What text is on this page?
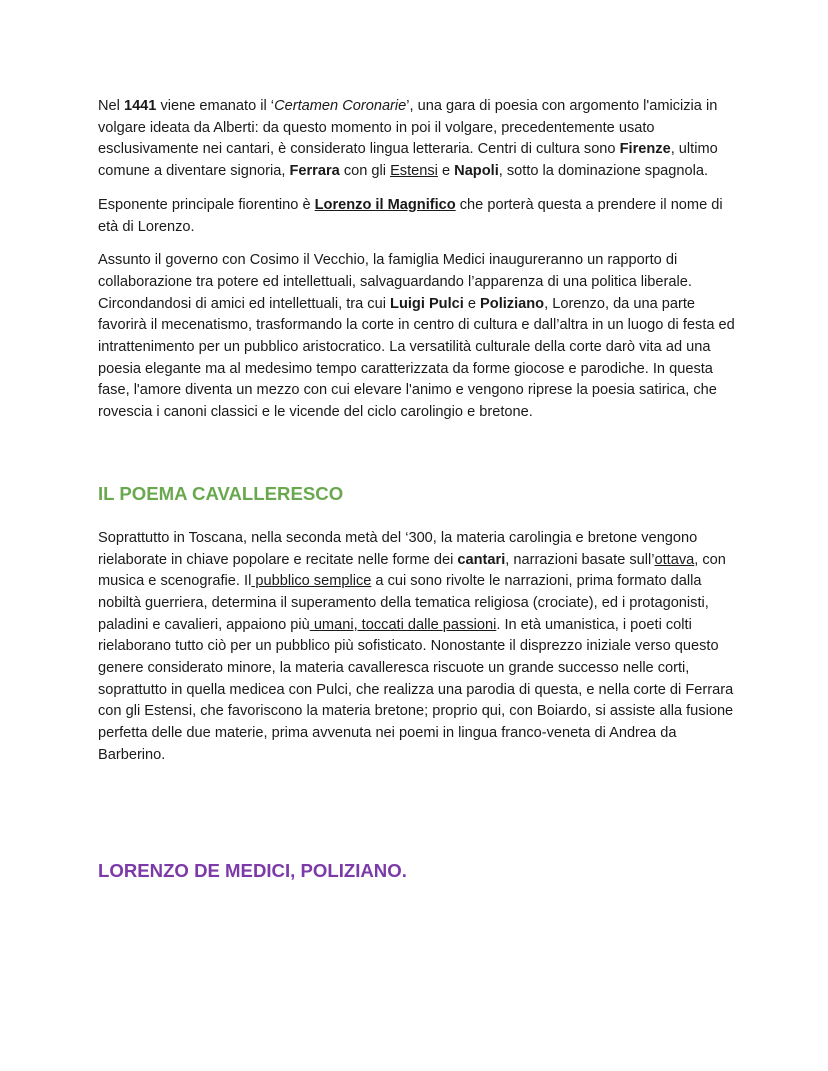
Nel 1441 viene emanato il ‘Certamen Coronarie’, una gara di poesia con argomento l'amicizia in volgare ideata da Alberti: da questo momento in poi il volgare, precedentemente usato esclusivamente nei cantari, è considerato lingua letteraria. Centri di cultura sono Firenze, ultimo comune a diventare signoria, Ferrara con gli Estensi e Napoli, sotto la dominazione spagnola.

Esponente principale fiorentino è Lorenzo il Magnifico che porterà questa a prendere il nome di età di Lorenzo.

Assunto il governo con Cosimo il Vecchio, la famiglia Medici inaugureranno un rapporto di collaborazione tra potere ed intellettuali, salvaguardando l’apparenza di una politica liberale. Circondandosi di amici ed intellettuali, tra cui Luigi Pulci e Poliziano, Lorenzo, da una parte favorirà il mecenatismo, trasformando la corte in centro di cultura e dall’altra in un luogo di festa ed intrattenimento per un pubblico aristocratico. La versatilità culturale della corte darò vita ad una poesia elegante ma al medesimo tempo caratterizzata da forme giocose e parodiche. In questa fase, l'amore diventa un mezzo con cui elevare l'animo e vengono riprese la poesia satirica, che rovescia i canoni classici e le vicende del ciclo carolingio e bretone.

IL POEMA CAVALLERESCO

Soprattutto in Toscana, nella seconda metà del ‘300, la materia carolingia e bretone vengono rielaborate in chiave popolare e recitate nelle forme dei cantari, narrazioni basate sull’ottava, con musica e scenografie. Il pubblico semplice a cui sono rivolte le narrazioni, prima formato dalla nobiltà guerriera, determina il superamento della tematica religiosa (crociate), ed i protagonisti, paladini e cavalieri, appaiono più umani, toccati dalle passioni. In età umanistica, i poeti colti rielaborano tutto ciò per un pubblico più sofisticato. Nonostante il disprezzo iniziale verso questo genere considerato minore, la materia cavalleresca riscuote un grande successo nelle corti, soprattutto in quella medicea con Pulci, che realizza una parodia di questa, e nella corte di Ferrara con gli Estensi, che favoriscono la materia bretone; proprio qui, con Boiardo, si assiste alla fusione perfetta delle due materie, prima avvenuta nei poemi in lingua franco-veneta di Andrea da Barberino.

LORENZO DE MEDICI, POLIZIANO.
